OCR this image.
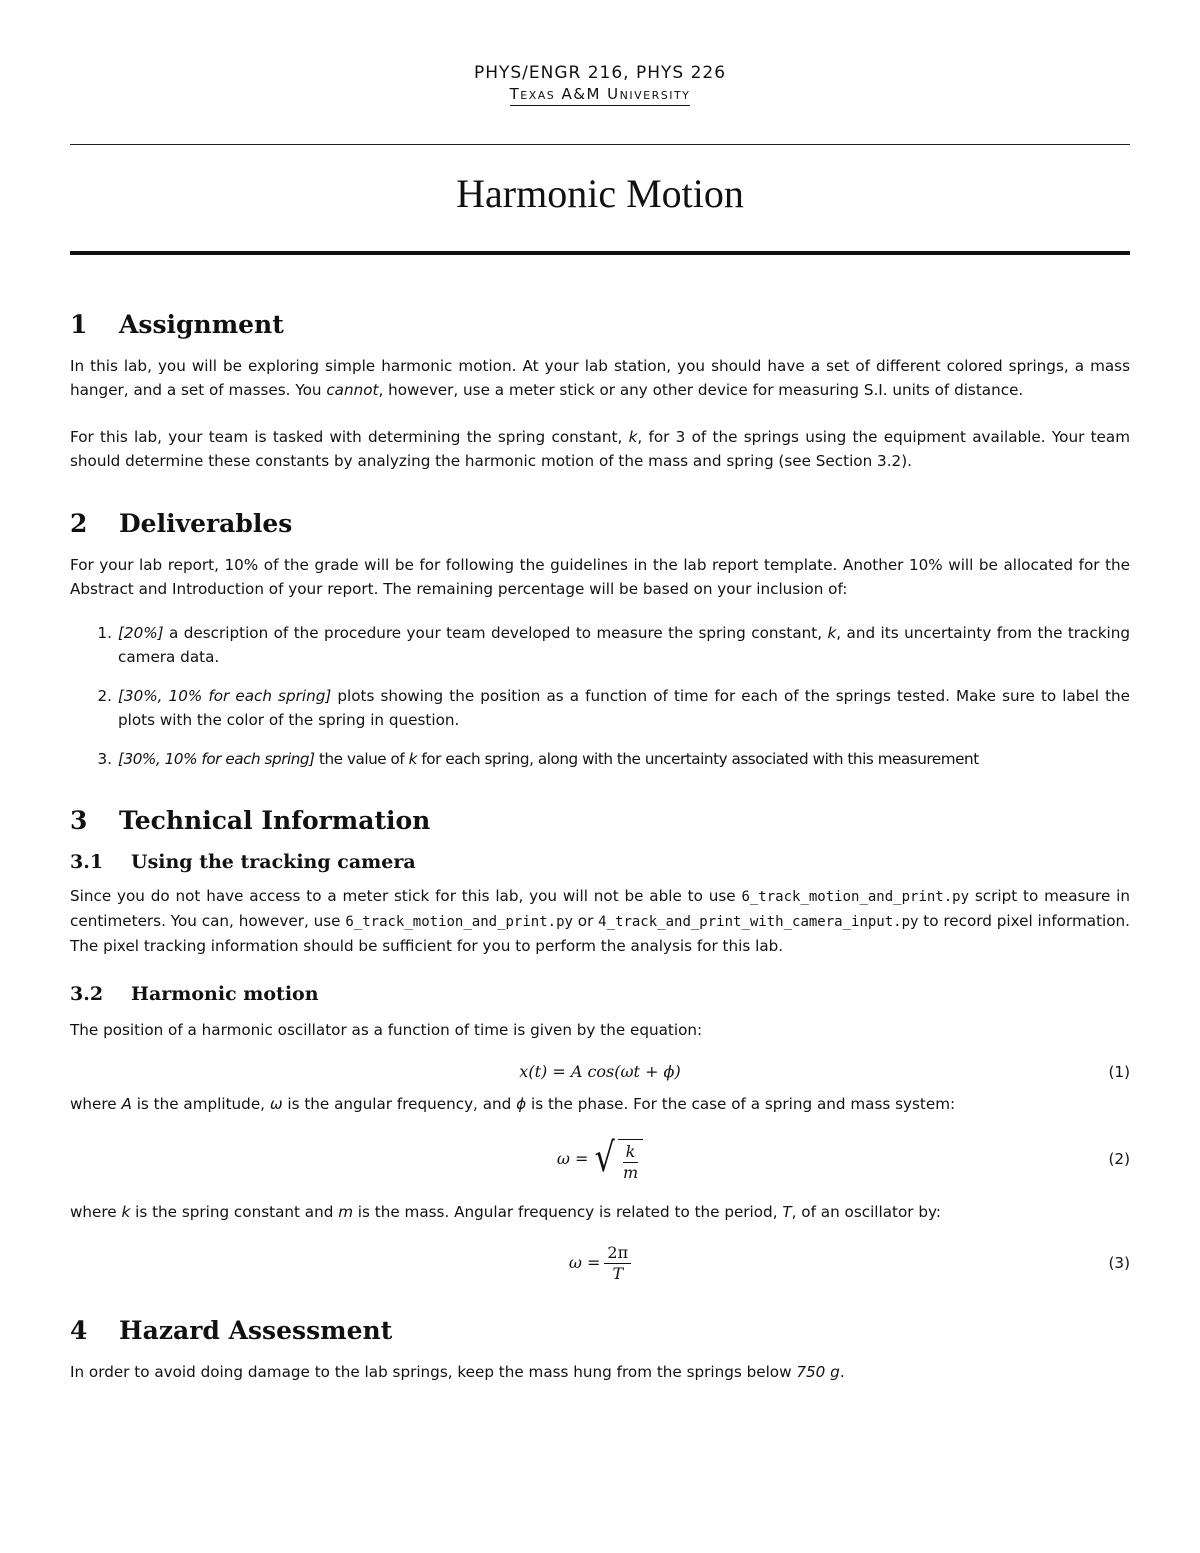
PHYS/ENGR 216, PHYS 226
Texas A&M University
Harmonic Motion
1	Assignment

In this lab, you will be exploring simple harmonic motion. At your lab station, you should have a set of different colored springs, a mass hanger, and a set of masses. You cannot, however, use a meter stick or any other device for measuring S.I. units of distance.

For this lab, your team is tasked with determining the spring constant, k, for 3 of the springs using the equipment available. Your team should determine these constants by analyzing the harmonic motion of the mass and spring (see Section 3.2).

2	Deliverables

For your lab report, 10% of the grade will be for following the guidelines in the lab report template. Another 10% will be allocated for the Abstract and Introduction of your report. The remaining percentage will be based on your inclusion of:

1. [20%] a description of the procedure your team developed to measure the spring constant, k, and its uncertainty from the tracking camera data.
2. [30%, 10% for each spring] plots showing the position as a function of time for each of the springs tested. Make sure to label the plots with the color of the spring in question.
3. [30%, 10% for each spring] the value of k for each spring, along with the uncertainty associated with this measurement
3	Technical Information
3.1	Using the tracking camera

Since you do not have access to a meter stick for this lab, you will not be able to use 6_track_motion_and_print.py script to measure in centimeters. You can, however, use 6_track_motion_and_print.py or 4_track_and_print_with_camera_input.py to record pixel information. The pixel tracking information should be sufficient for you to perform the analysis for this lab.

3.2	Harmonic motion

The position of a harmonic oscillator as a function of time is given by the equation:

x(t) = A cos(ωt + ϕ)	(1)

where A is the amplitude, ω is the angular frequency, and ϕ is the phase. For the case of a spring and mass system:

ω = √ $\frac{k}{m}$	(2)

where k is the spring constant and m is the mass. Angular frequency is related to the period, T, of an oscillator by:

$\omega = \frac{2\pi}{T}$	(3)
4	Hazard Assessment

In order to avoid doing damage to the lab springs, keep the mass hung from the springs below 750 g.
